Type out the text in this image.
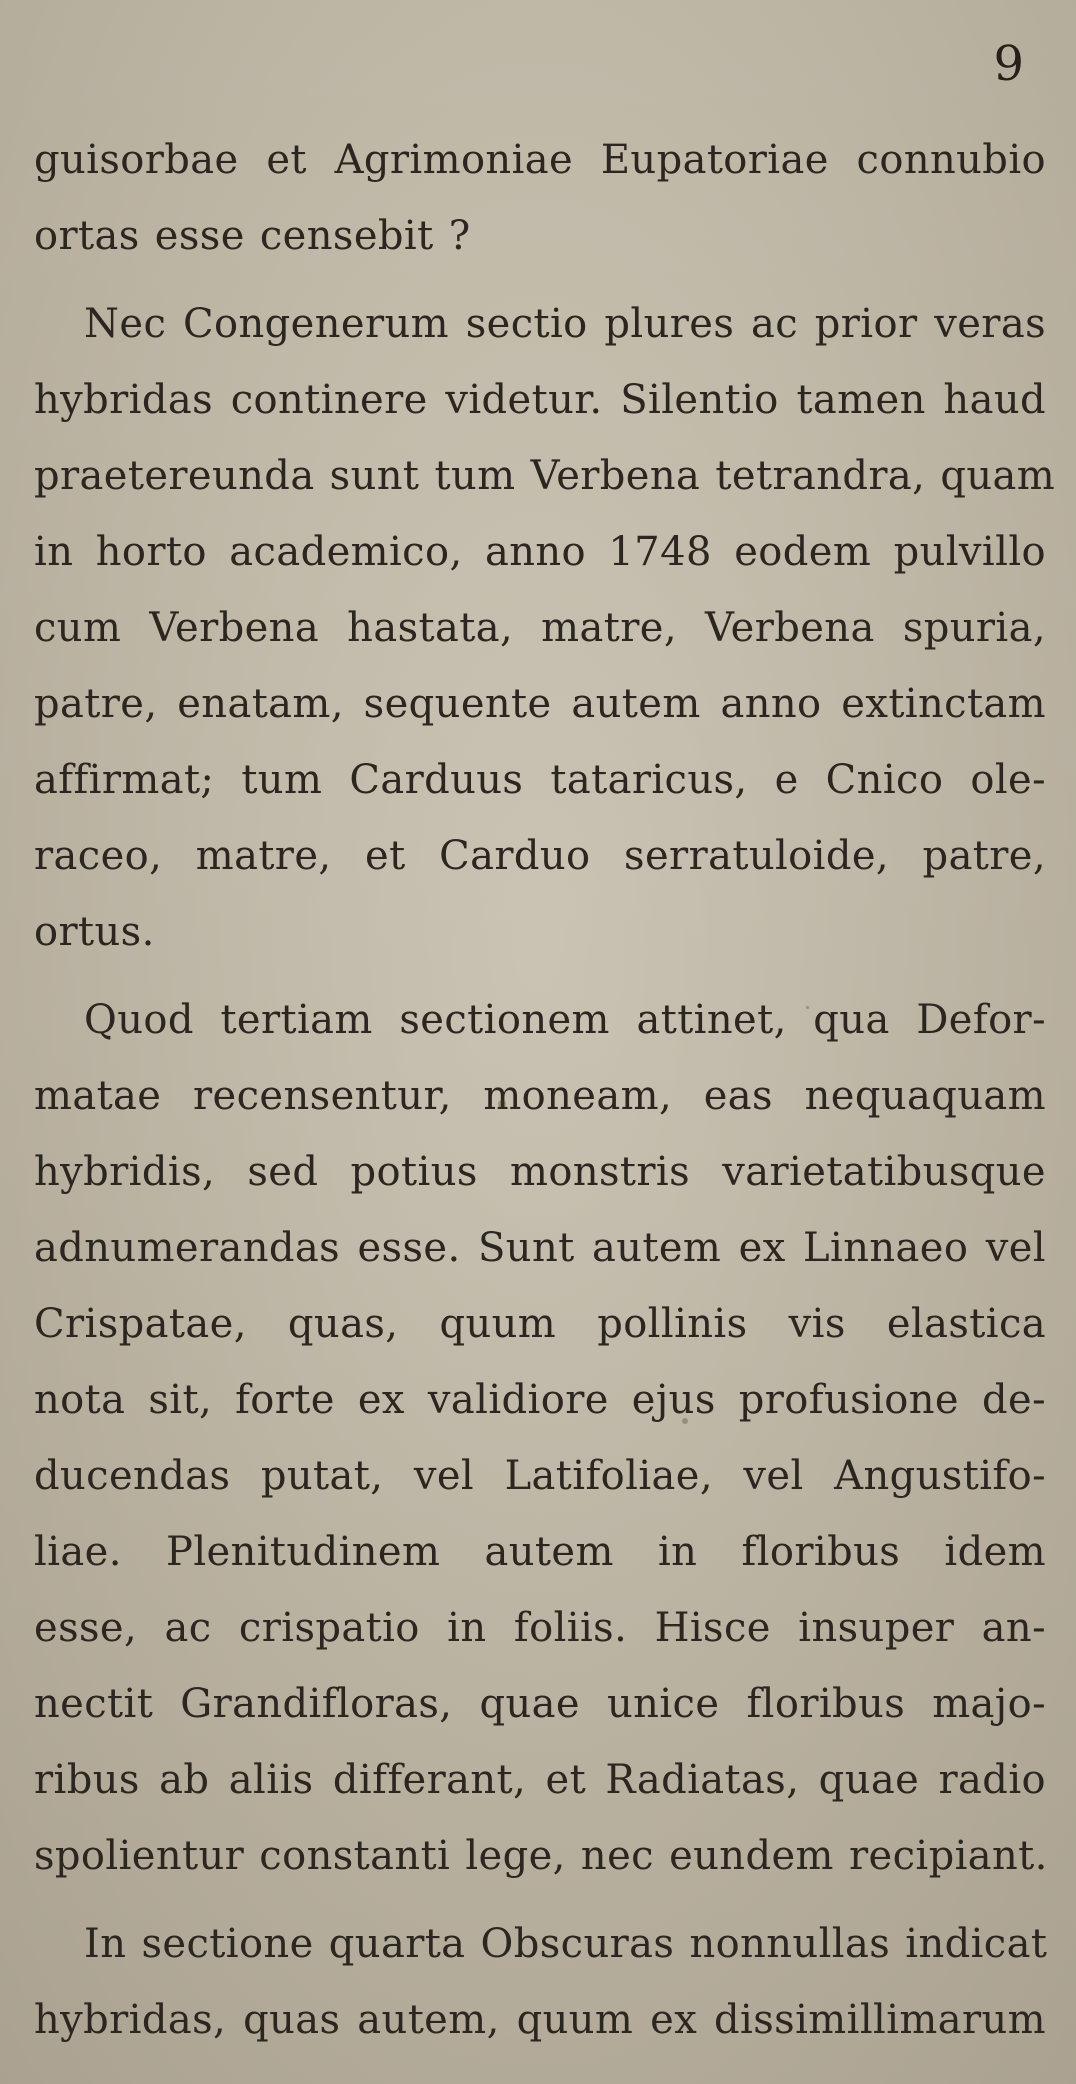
9
guisorbae et Agrimoniae Eupatoriae connubio
ortas esse censebit ?
Nec Congenerum sectio plures ac prior veras
hybridas continere videtur. Silentio tamen haud
praetereunda sunt tum Verbena tetrandra, quam
in horto academico, anno 1748 eodem pulvillo
cum Verbena hastata, matre, Verbena spuria,
patre, enatam, sequente autem anno extinctam
affirmat; tum Carduus tataricus, e Cnico ole-
raceo, matre, et Carduo serratuloide, patre,
ortus.
Quod tertiam sectionem attinet, qua Defor-
matae recensentur, moneam, eas nequaquam
hybridis, sed potius monstris varietatibusque
adnumerandas esse. Sunt autem ex Linnaeo vel
Crispatae, quas, quum pollinis vis elastica
nota sit, forte ex validiore ejus profusione de-
ducendas putat, vel Latifoliae, vel Angustifo-
liae. Plenitudinem autem in floribus idem
esse, ac crispatio in foliis. Hisce insuper an-
nectit Grandifloras, quae unice floribus majo-
ribus ab aliis differant, et Radiatas, quae radio
spolientur constanti lege, nec eundem recipiant.
In sectione quarta Obscuras nonnullas indicat
hybridas, quas autem, quum ex dissimillimarum
